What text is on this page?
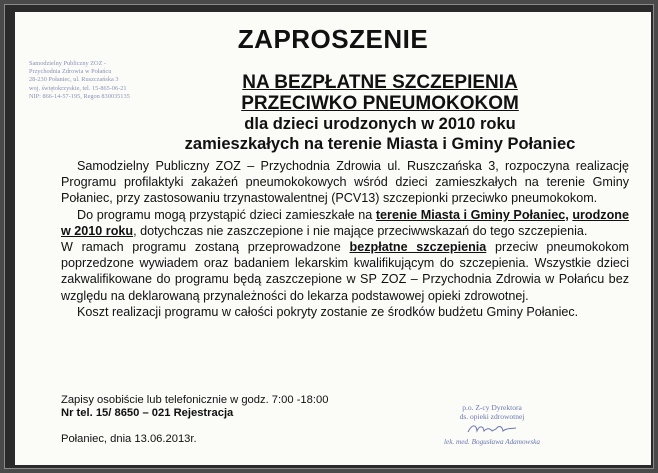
ZAPROSZENIE
Samodzielny Publiczny ZOZ -
Przychodnia Zdrowia w Połańcu
28-230 Połaniec, ul. Ruszczańska 3
woj. świętokrzyskie, tel. 15-865-06-21
NIP: 866-14-57-195, Regon 830035135
NA BEZPŁATNE SZCZEPIENIA
PRZECIWKO PNEUMOKOKOM
dla dzieci urodzonych w 2010 roku
zamieszkałych na terenie Miasta i Gminy Połaniec

Samodzielny Publiczny ZOZ – Przychodnia Zdrowia ul. Ruszczańska 3, rozpoczyna realizację Programu profilaktyki zakażeń pneumokokowych wśród dzieci zamieszkałych na terenie Gminy Połaniec, przy zastosowaniu trzynastowalentnej (PCV13) szczepionki przeciwko pneumokokom.

Do programu mogą przystąpić dzieci zamieszkałe na terenie Miasta i Gminy Połaniec, urodzone w 2010 roku, dotychczas nie zaszczepione i nie mające przeciwwskazań do tego szczepienia.

W ramach programu zostaną przeprowadzone bezpłatne szczepienia przeciw pneumokokom poprzedzone wywiadem oraz badaniem lekarskim kwalifikującym do szczepienia. Wszystkie dzieci zakwalifikowane do programu będą zaszczepione w SP ZOZ – Przychodnia Zdrowia w Połańcu bez względu na deklarowaną przynależności do lekarza podstawowej opieki zdrowotnej.

Koszt realizacji programu w całości pokryty zostanie ze środków budżetu Gminy Połaniec.

Zapisy osobiście lub telefonicznie w godz. 7:00 -18:00
Nr tel. 15/ 8650 – 021 Rejestracja
Połaniec, dnia 13.06.2013r.
p.o. Z-cy Dyrektora
ds. opieki zdrowotnej
lek. med. Bogusława Adamowska
